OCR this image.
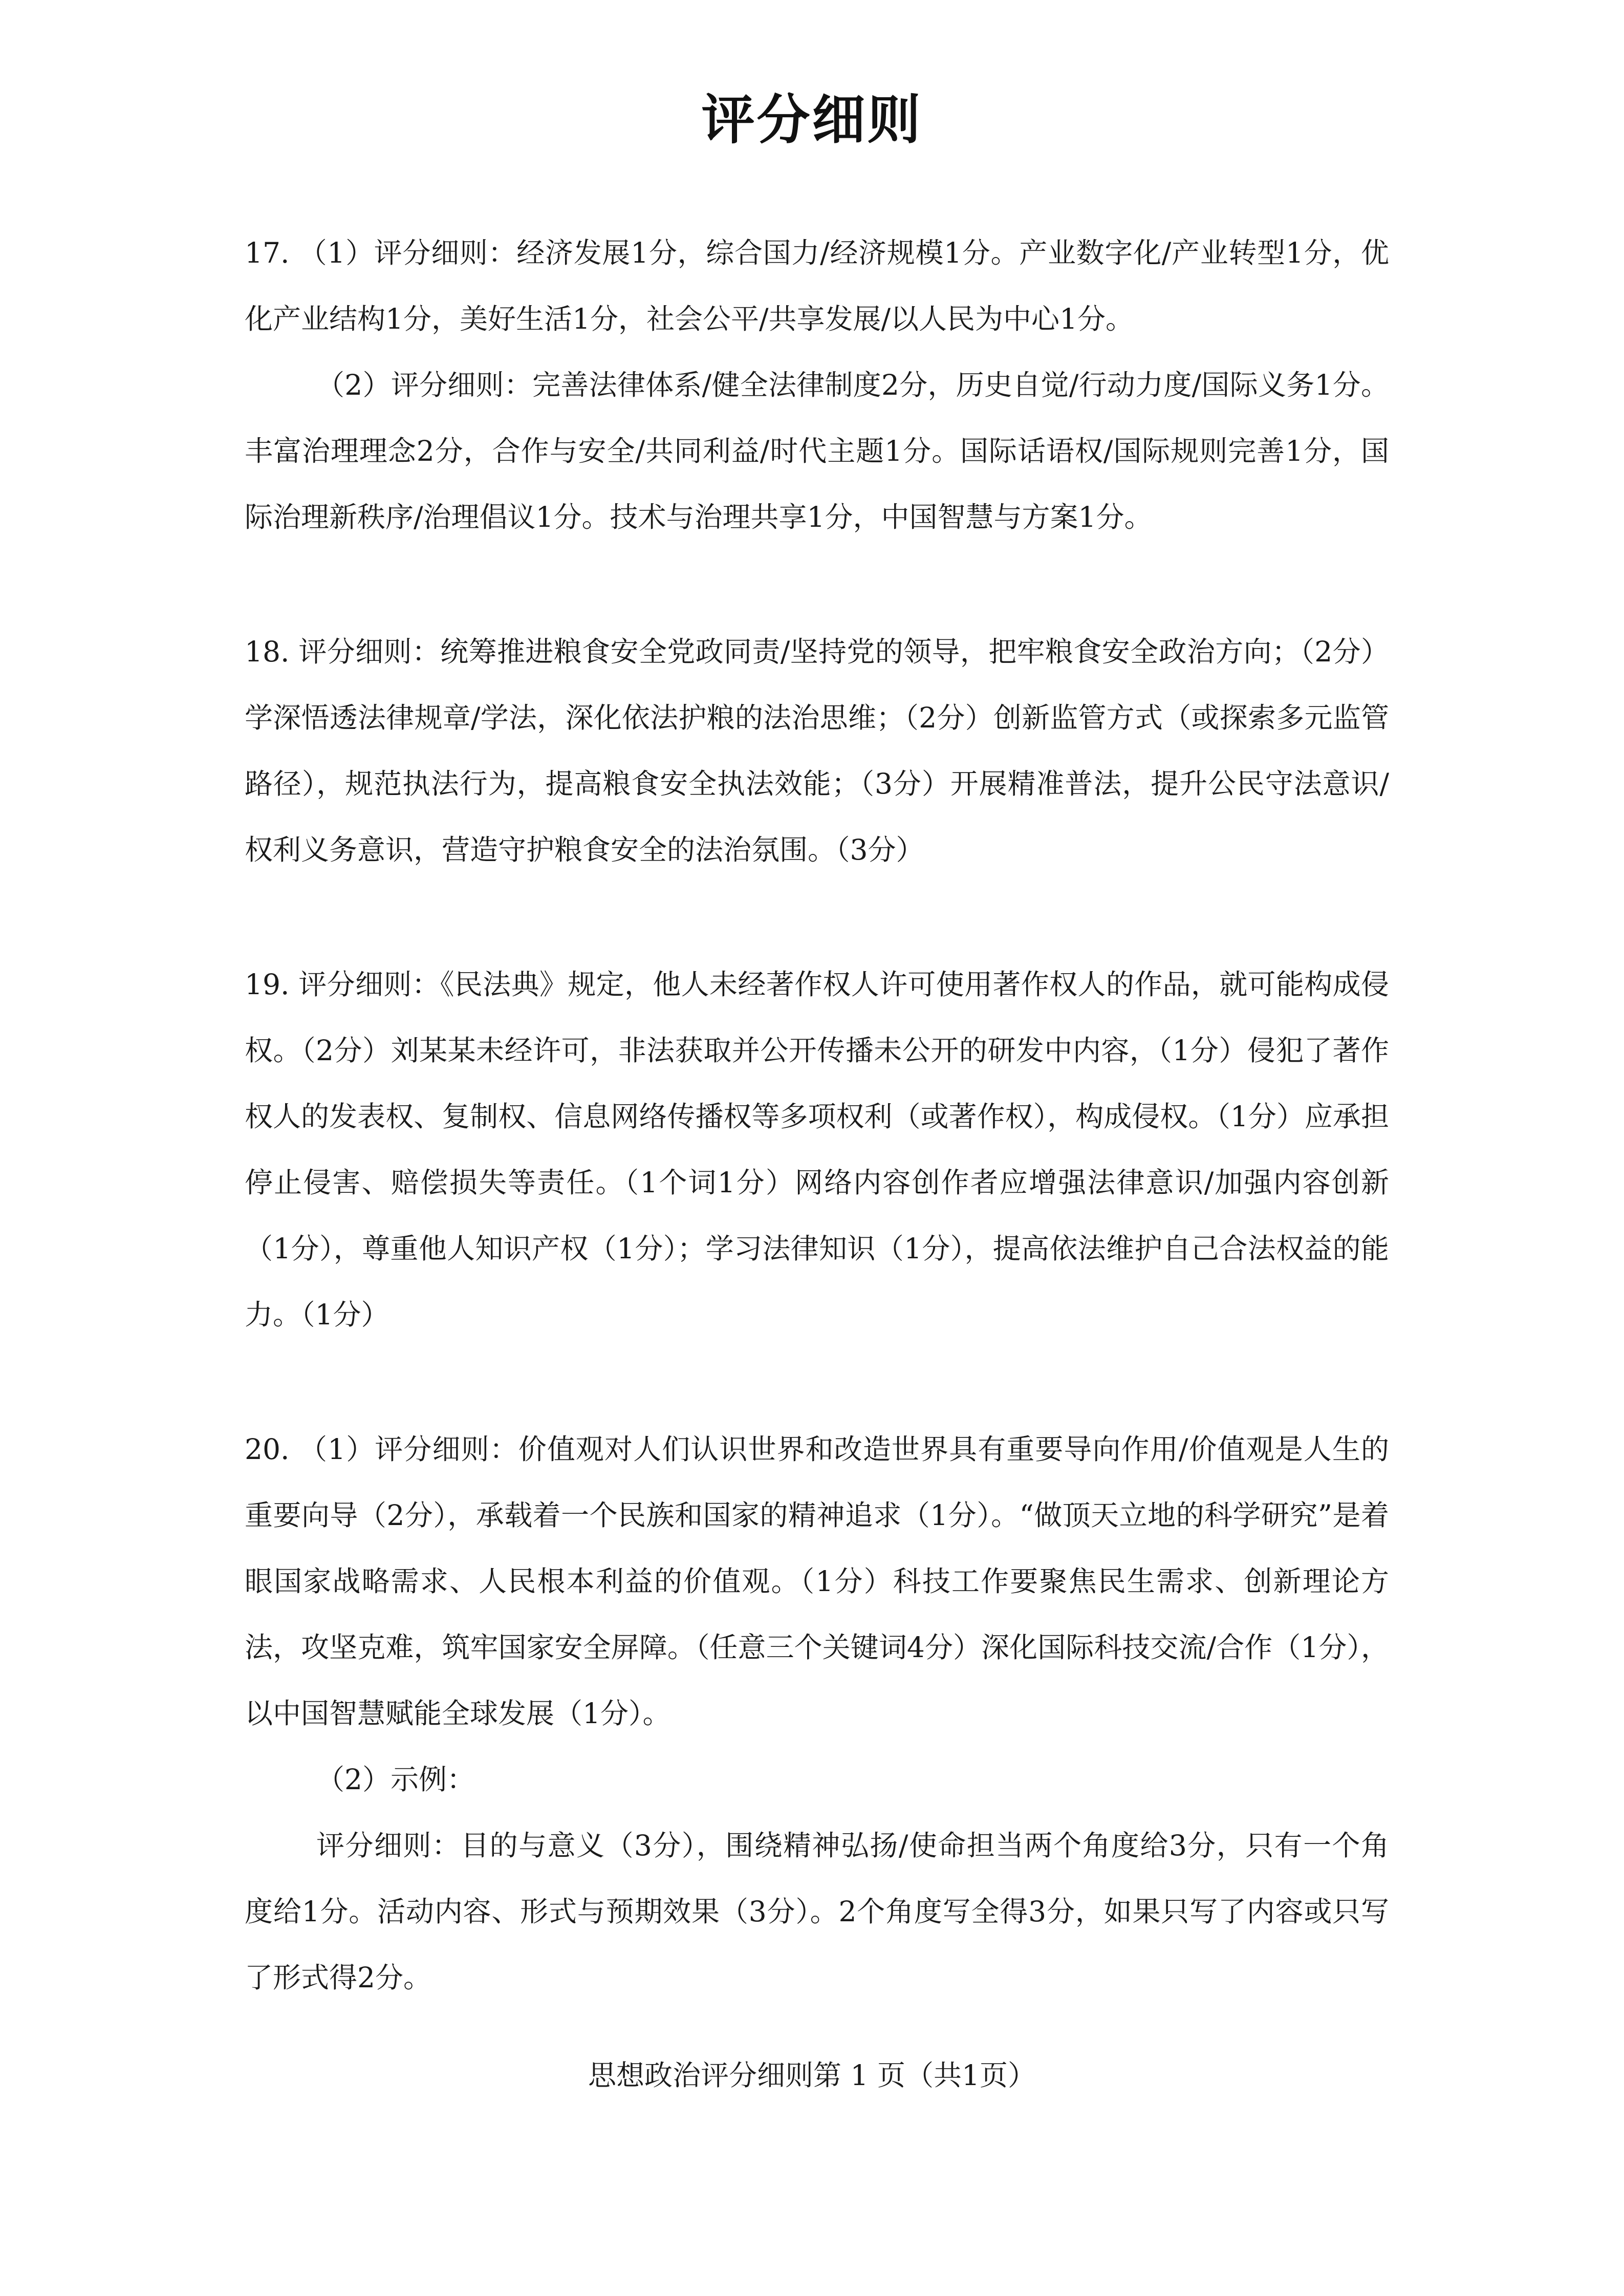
评分细则

17. （1）评分细则：经济发展1分，综合国力/经济规模1分。产业数字化/产业转型1分，优化产业结构1分，美好生活1分，社会公平/共享发展/以人民为中心1分。

（2）评分细则：完善法律体系/健全法律制度2分，历史自觉/行动力度/国际义务1分。丰富治理理念2分，合作与安全/共同利益/时代主题1分。国际话语权/国际规则完善1分，国际治理新秩序/治理倡议1分。技术与治理共享1分，中国智慧与方案1分。

18. 评分细则：统筹推进粮食安全党政同责/坚持党的领导，把牢粮食安全政治方向；（2分）学深悟透法律规章/学法，深化依法护粮的法治思维；（2分）创新监管方式（或探索多元监管路径），规范执法行为，提高粮食安全执法效能；（3分）开展精准普法，提升公民守法意识/权利义务意识，营造守护粮食安全的法治氛围。（3分）

19. 评分细则：《民法典》规定，他人未经著作权人许可使用著作权人的作品，就可能构成侵权。（2分）刘某某未经许可，非法获取并公开传播未公开的研发中内容，（1分）侵犯了著作权人的发表权、复制权、信息网络传播权等多项权利（或著作权），构成侵权。（1分）应承担停止侵害、赔偿损失等责任。（1个词1分）网络内容创作者应增强法律意识/加强内容创新（1分），尊重他人知识产权（1分）；学习法律知识（1分），提高依法维护自己合法权益的能力。（1分）

20. （1）评分细则：价值观对人们认识世界和改造世界具有重要导向作用/价值观是人生的重要向导（2分），承载着一个民族和国家的精神追求（1分）。“做顶天立地的科学研究”是着眼国家战略需求、人民根本利益的价值观。（1分）科技工作要聚焦民生需求、创新理论方法，攻坚克难，筑牢国家安全屏障。（任意三个关键词4分）深化国际科技交流/合作（1分），以中国智慧赋能全球发展（1分）。

（2）示例：

评分细则：目的与意义（3分），围绕精神弘扬/使命担当两个角度给3分，只有一个角度给1分。活动内容、形式与预期效果（3分）。2个角度写全得3分，如果只写了内容或只写了形式得2分。

思想政治评分细则第 1 页（共1页）
